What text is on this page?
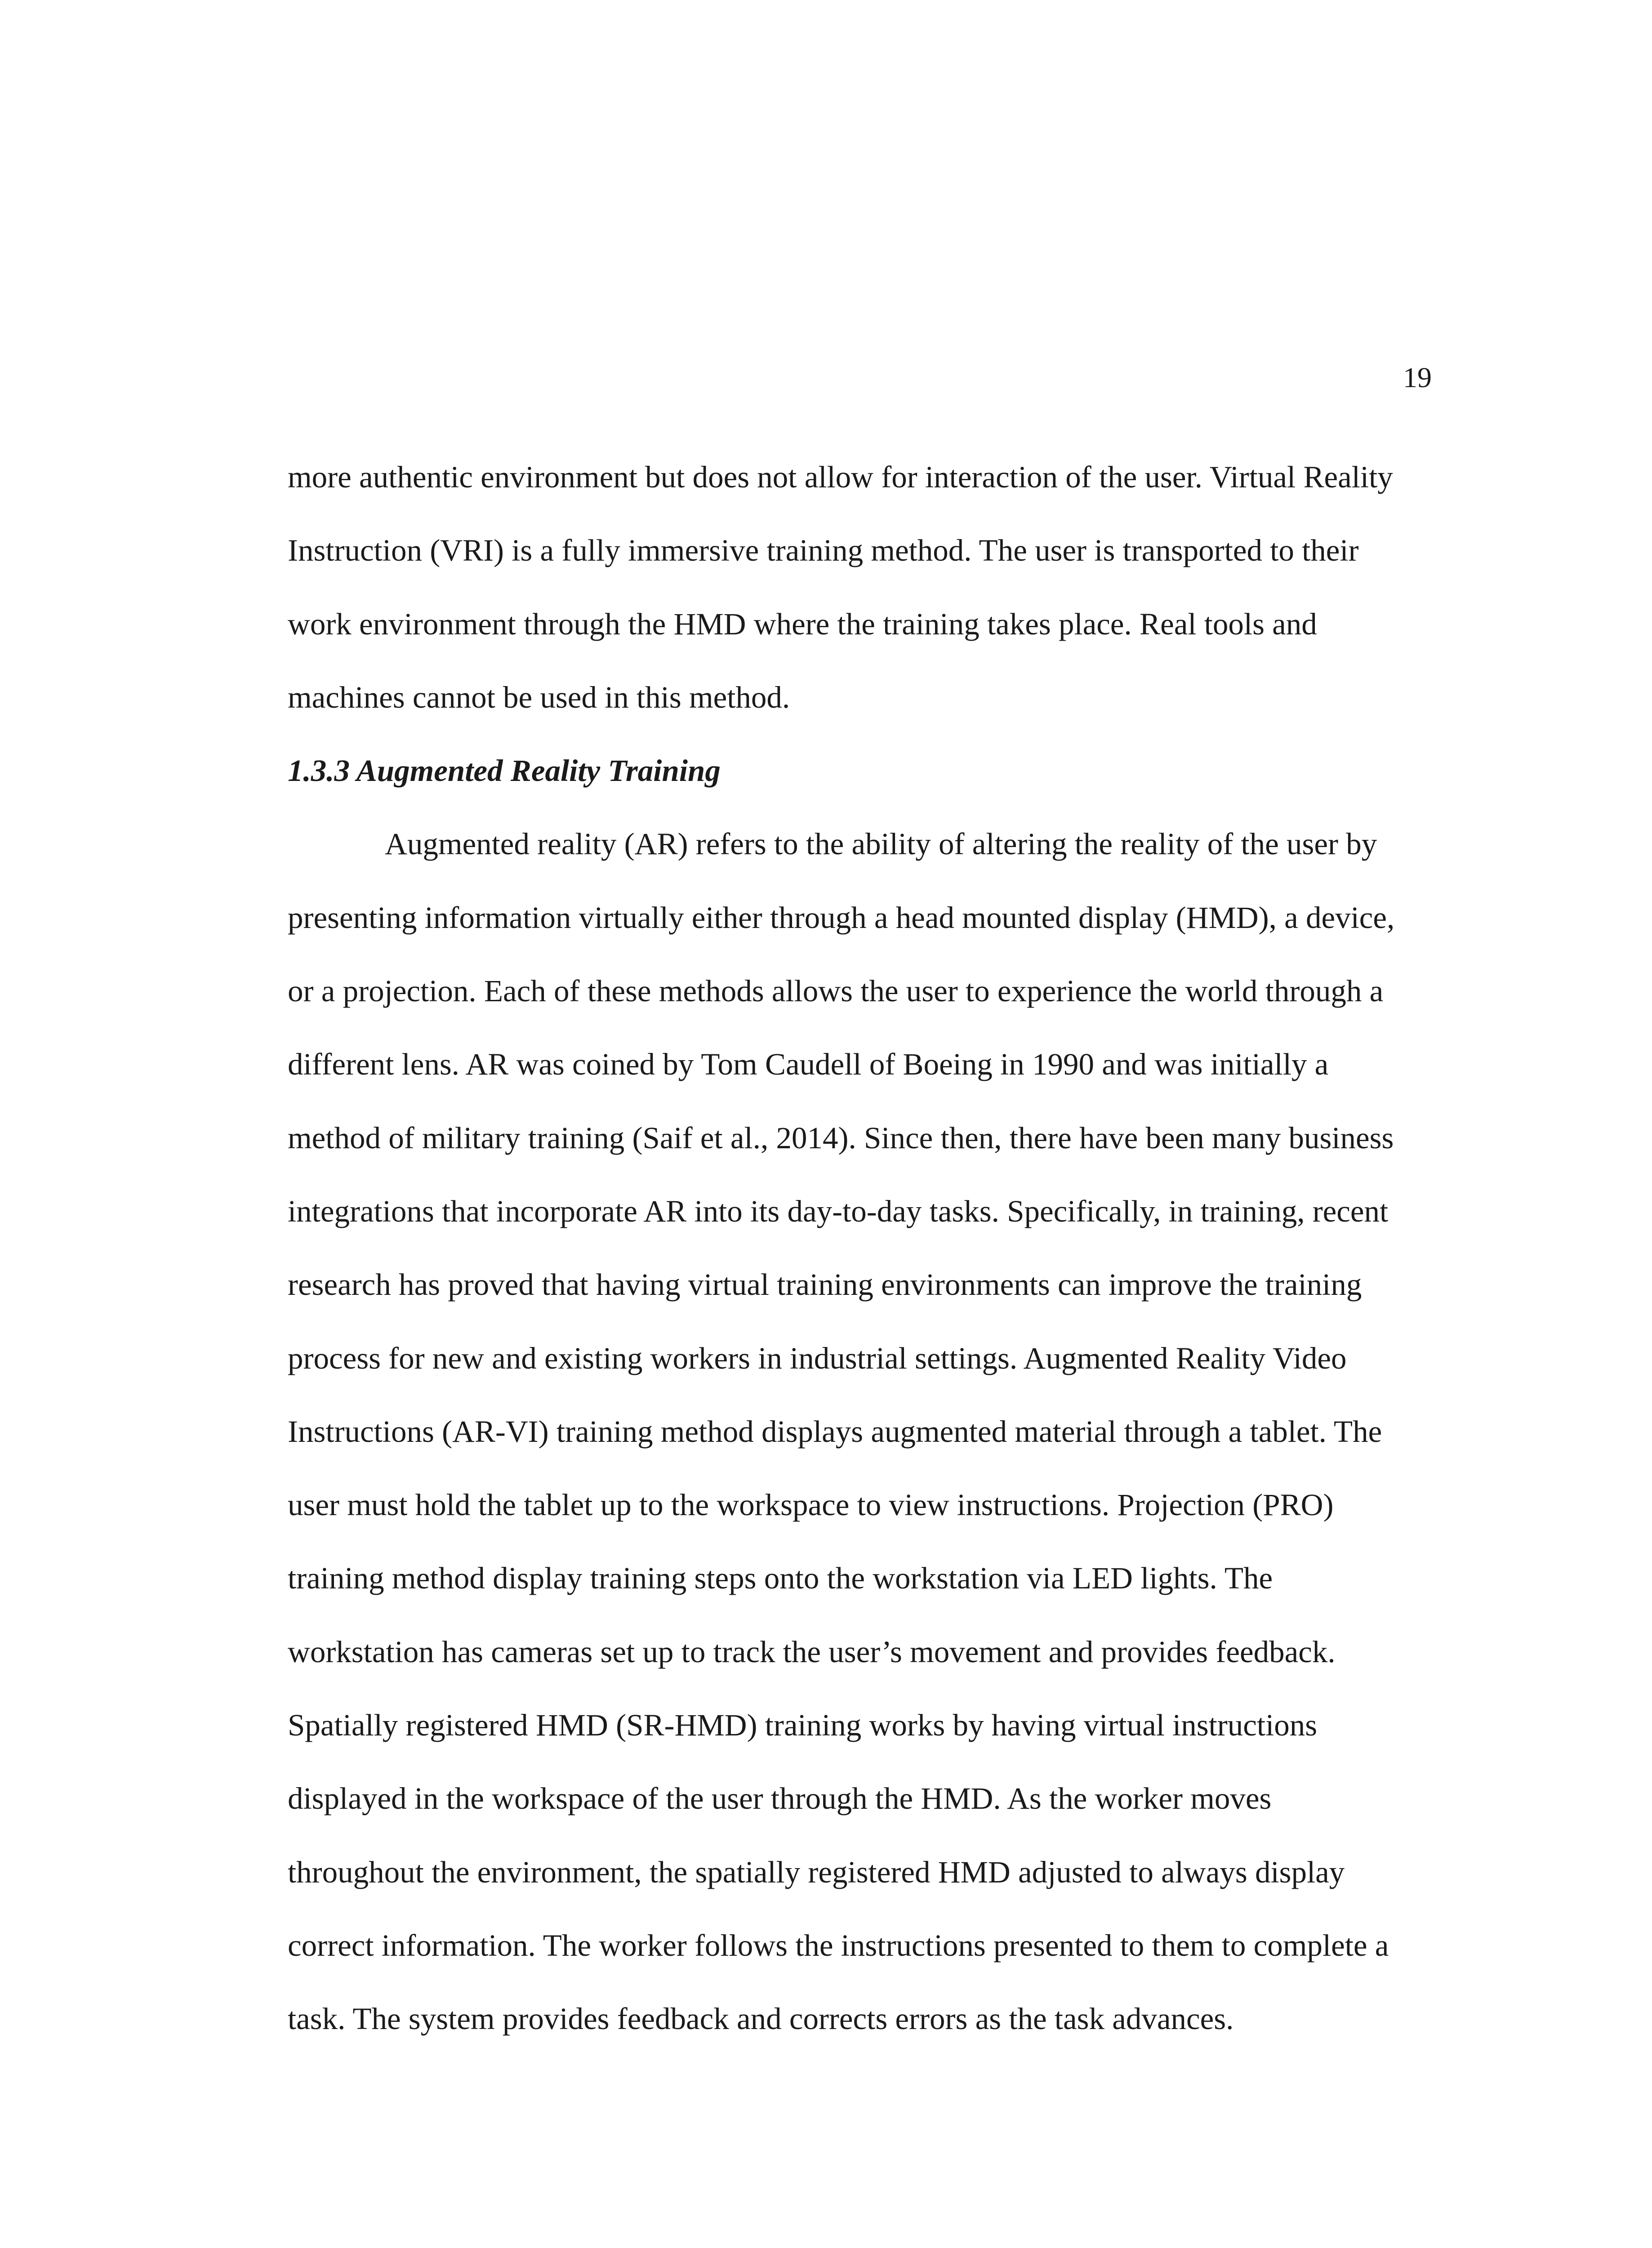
19
more authentic environment but does not allow for interaction of the user. Virtual Reality
Instruction (VRI) is a fully immersive training method. The user is transported to their
work environment through the HMD where the training takes place. Real tools and
machines cannot be used in this method.
1.3.3 Augmented Reality Training
Augmented reality (AR) refers to the ability of altering the reality of the user by
presenting information virtually either through a head mounted display (HMD), a device,
or a projection. Each of these methods allows the user to experience the world through a
different lens. AR was coined by Tom Caudell of Boeing in 1990 and was initially a
method of military training (Saif et al., 2014). Since then, there have been many business
integrations that incorporate AR into its day-to-day tasks. Specifically, in training, recent
research has proved that having virtual training environments can improve the training
process for new and existing workers in industrial settings. Augmented Reality Video
Instructions (AR-VI) training method displays augmented material through a tablet. The
user must hold the tablet up to the workspace to view instructions. Projection (PRO)
training method display training steps onto the workstation via LED lights. The
workstation has cameras set up to track the user’s movement and provides feedback.
Spatially registered HMD (SR-HMD) training works by having virtual instructions
displayed in the workspace of the user through the HMD. As the worker moves
throughout the environment, the spatially registered HMD adjusted to always display
correct information. The worker follows the instructions presented to them to complete a
task. The system provides feedback and corrects errors as the task advances.
